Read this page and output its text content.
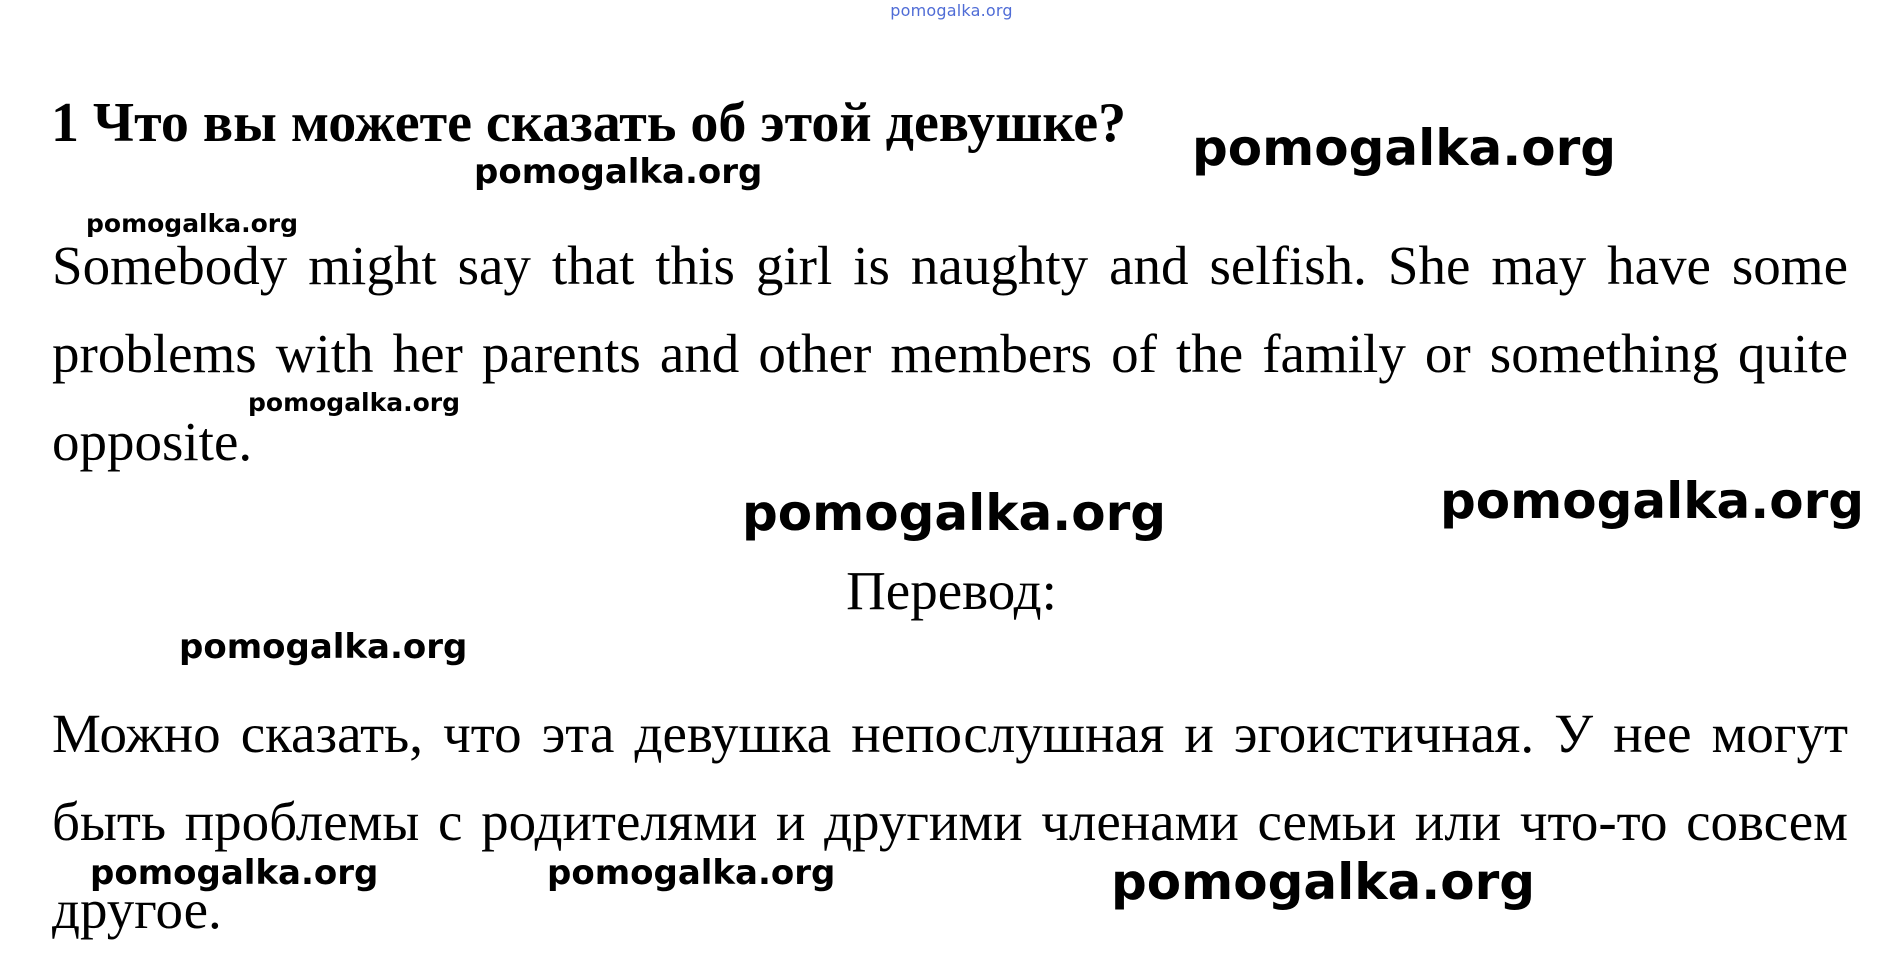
pomogalka.org
1 Что вы можете сказать об этой девушке?

Somebody might say that this girl is naughty and selfish. She may have some problems with her parents and other members of the family or something quite opposite.

Перевод:

Можно сказать, что эта девушка непослушная и эгоистичная. У нее могут быть проблемы с родителями и другими членами семьи или что-то совсем другое.

pomogalka.org
pomogalka.org
pomogalka.org
pomogalka.org
pomogalka.org	pomogalka.org
pomogalka.org
pomogalka.org	pomogalka.org	pomogalka.org
